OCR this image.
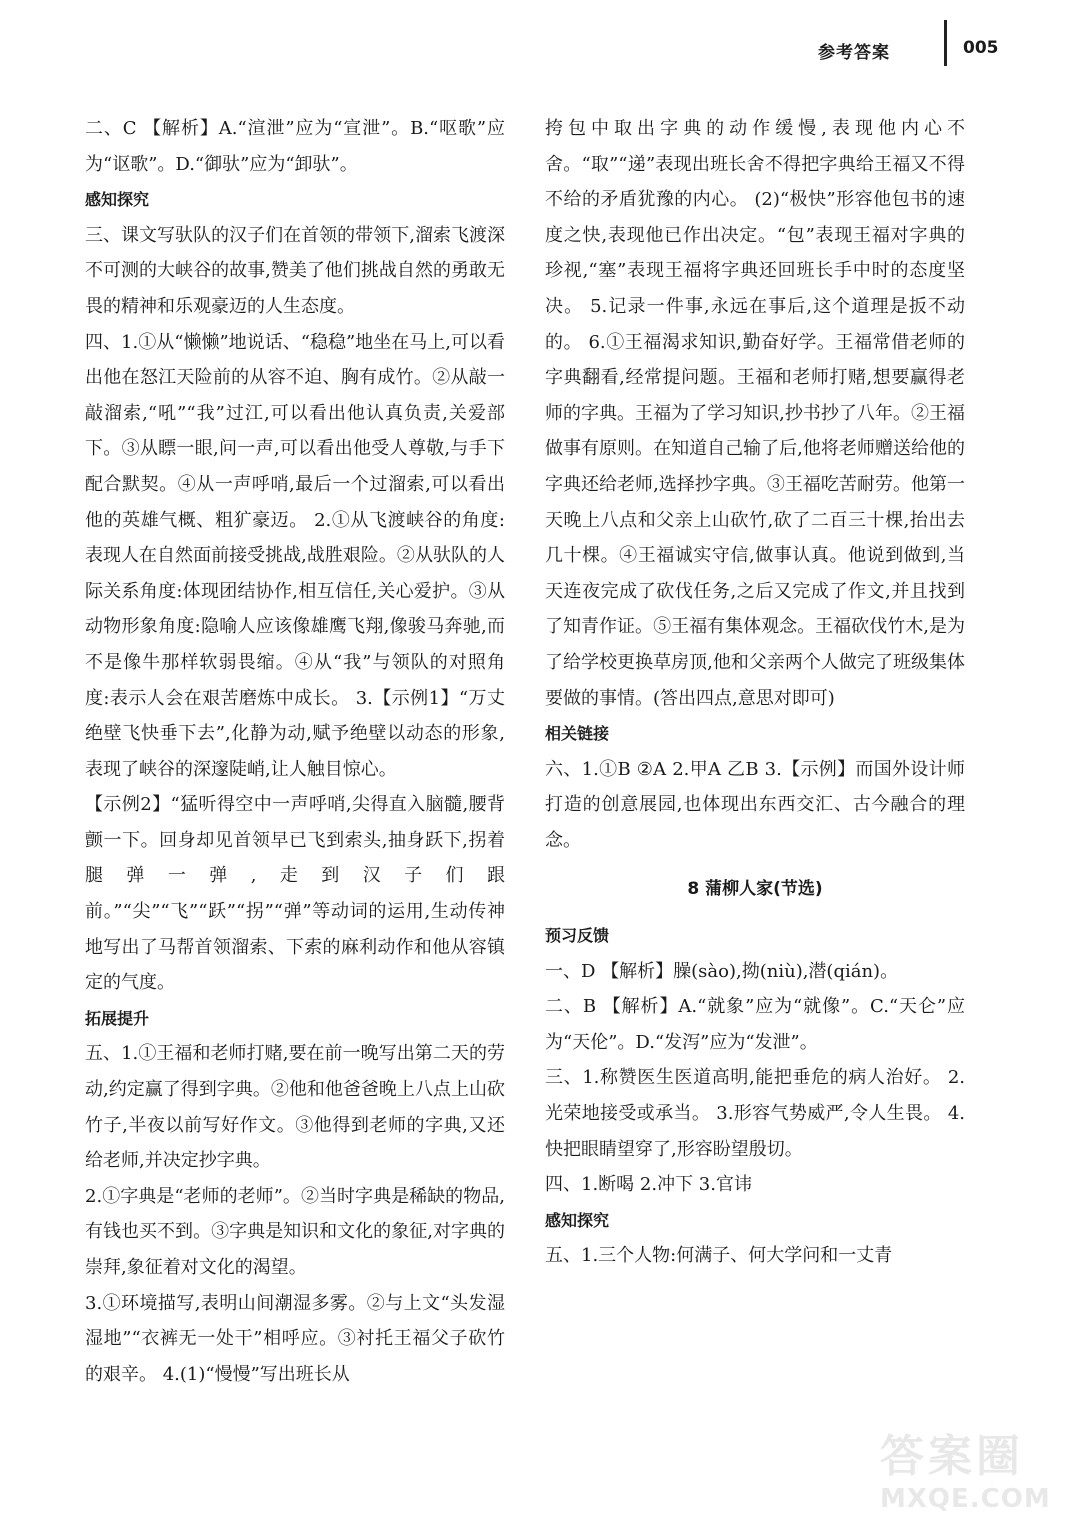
参考答案	005

二、C 【解析】A.“渲泄”应为“宣泄”。B.“呕歌”应为“讴歌”。D.“御驮”应为“卸驮”。

感知探究

三、课文写驮队的汉子们在首领的带领下,溜索飞渡深不可测的大峡谷的故事,赞美了他们挑战自然的勇敢无畏的精神和乐观豪迈的人生态度。

四、1.①从“懒懒”地说话、“稳稳”地坐在马上,可以看出他在怒江天险前的从容不迫、胸有成竹。②从敲一敲溜索,“吼”“我”过江,可以看出他认真负责,关爱部下。③从瞟一眼,问一声,可以看出他受人尊敬,与手下配合默契。④从一声呼哨,最后一个过溜索,可以看出他的英雄气概、粗犷豪迈。 2.①从飞渡峡谷的角度:表现人在自然面前接受挑战,战胜艰险。②从驮队的人际关系角度:体现团结协作,相互信任,关心爱护。③从动物形象角度:隐喻人应该像雄鹰飞翔,像骏马奔驰,而不是像牛那样软弱畏缩。④从“我”与领队的对照角度:表示人会在艰苦磨炼中成长。 3.【示例1】“万丈绝壁飞快垂下去”,化静为动,赋予绝壁以动态的形象,表现了峡谷的深邃陡峭,让人触目惊心。

【示例2】“猛听得空中一声呼哨,尖得直入脑髓,腰背颤一下。回身却见首领早已飞到索头,抽身跃下,拐着腿弹一弹,走到汉子们跟前。”“尖”“飞”“跃”“拐”“弹”等动词的运用,生动传神地写出了马帮首领溜索、下索的麻利动作和他从容镇定的气度。

拓展提升

五、1.①王福和老师打赌,要在前一晚写出第二天的劳动,约定赢了得到字典。②他和他爸爸晚上八点上山砍竹子,半夜以前写好作文。③他得到老师的字典,又还给老师,并决定抄字典。

2.①字典是“老师的老师”。②当时字典是稀缺的物品,有钱也买不到。③字典是知识和文化的象征,对字典的崇拜,象征着对文化的渴望。

3.①环境描写,表明山间潮湿多雾。②与上文“头发湿湿地”“衣裤无一处干”相呼应。③衬托王福父子砍竹的艰辛。 4.(1)“慢慢”写出班长从

挎包中取出字典的动作缓慢,表现他内心不舍。“取”“递”表现出班长舍不得把字典给王福又不得不给的矛盾犹豫的内心。 (2)“极快”形容他包书的速度之快,表现他已作出决定。“包”表现王福对字典的珍视,“塞”表现王福将字典还回班长手中时的态度坚决。 5.记录一件事,永远在事后,这个道理是扳不动的。 6.①王福渴求知识,勤奋好学。王福常借老师的字典翻看,经常提问题。王福和老师打赌,想要赢得老师的字典。王福为了学习知识,抄书抄了八年。②王福做事有原则。在知道自己输了后,他将老师赠送给他的字典还给老师,选择抄字典。③王福吃苦耐劳。他第一天晚上八点和父亲上山砍竹,砍了二百三十棵,抬出去几十棵。④王福诚实守信,做事认真。他说到做到,当天连夜完成了砍伐任务,之后又完成了作文,并且找到了知青作证。⑤王福有集体观念。王福砍伐竹木,是为了给学校更换草房顶,他和父亲两个人做完了班级集体要做的事情。(答出四点,意思对即可)

相关链接

六、1.①B ②A 2.甲A 乙B 3.【示例】而国外设计师打造的创意展园,也体现出东西交汇、古今融合的理念。

8 蒲柳人家(节选)

预习反馈

一、D 【解析】臊(sào),拗(niù),潜(qián)。

二、B 【解析】A.“就象”应为“就像”。C.“天仑”应为“天伦”。D.“发泻”应为“发泄”。

三、1.称赞医生医道高明,能把垂危的病人治好。 2.光荣地接受或承当。 3.形容气势威严,令人生畏。 4.快把眼睛望穿了,形容盼望殷切。

四、1.断喝 2.冲下 3.官讳

感知探究

五、1.三个人物:何满子、何大学问和一丈青

答案圈
MXQE.COM
